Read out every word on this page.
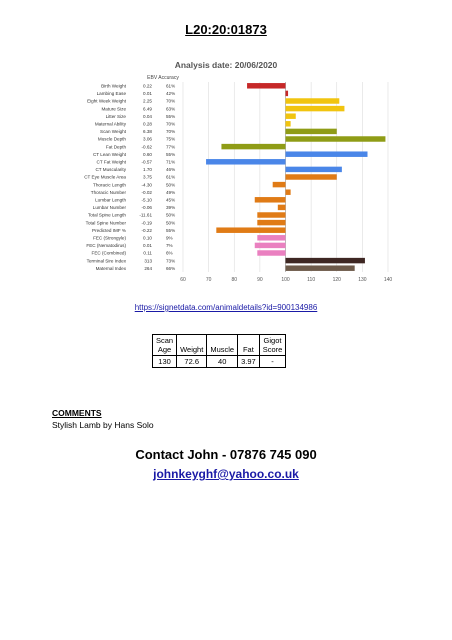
L20:20:01873
Analysis date: 20/06/2020
EBV Accuracy
60	70	80	90	100	110	120	130	140
Birth Weight	0.22	61%
Lambing Ease	0.01	42%
Eight Week Weight	2.25	70%
Mature Size	6.49	63%
Litter Size	0.04	55%
Maternal Ability	0.28	70%
Scan Weight	6.38	70%
Muscle Depth	3.06	75%
Fat Depth	-0.62	77%
CT Lean Weight	0.60	55%
CT Fat Weight	-0.57	71%
CT Muscularity	1.70	46%
CT Eye Muscle Area	3.75	61%
Thoracic Length	-4.30	50%
Thoracic Number	-0.02	49%
Lumbar Length	-5.10	45%
Lumbar Number	-0.06	39%
Total Spine Length	-11.61	50%
Total Spine Number	-0.19	50%
Predicted IMF %	-0.22	55%
FEC (Strongyle)	0.10	9%
FEC (Nematodirus)	0.01	7%
FEC (Combined)	0.11	6%
Terminal Sire Index	313	73%
Maternal Index	264	66%
https://signetdata.com/animaldetails?id=900134986
Scan
Age	Weight	Muscle	Fat	Gigot
Score
130	72.6	40	3.97	-
COMMENTS
Stylish Lamb by Hans Solo
Contact John - 07876 745 090
johnkeyghf@yahoo.co.uk
